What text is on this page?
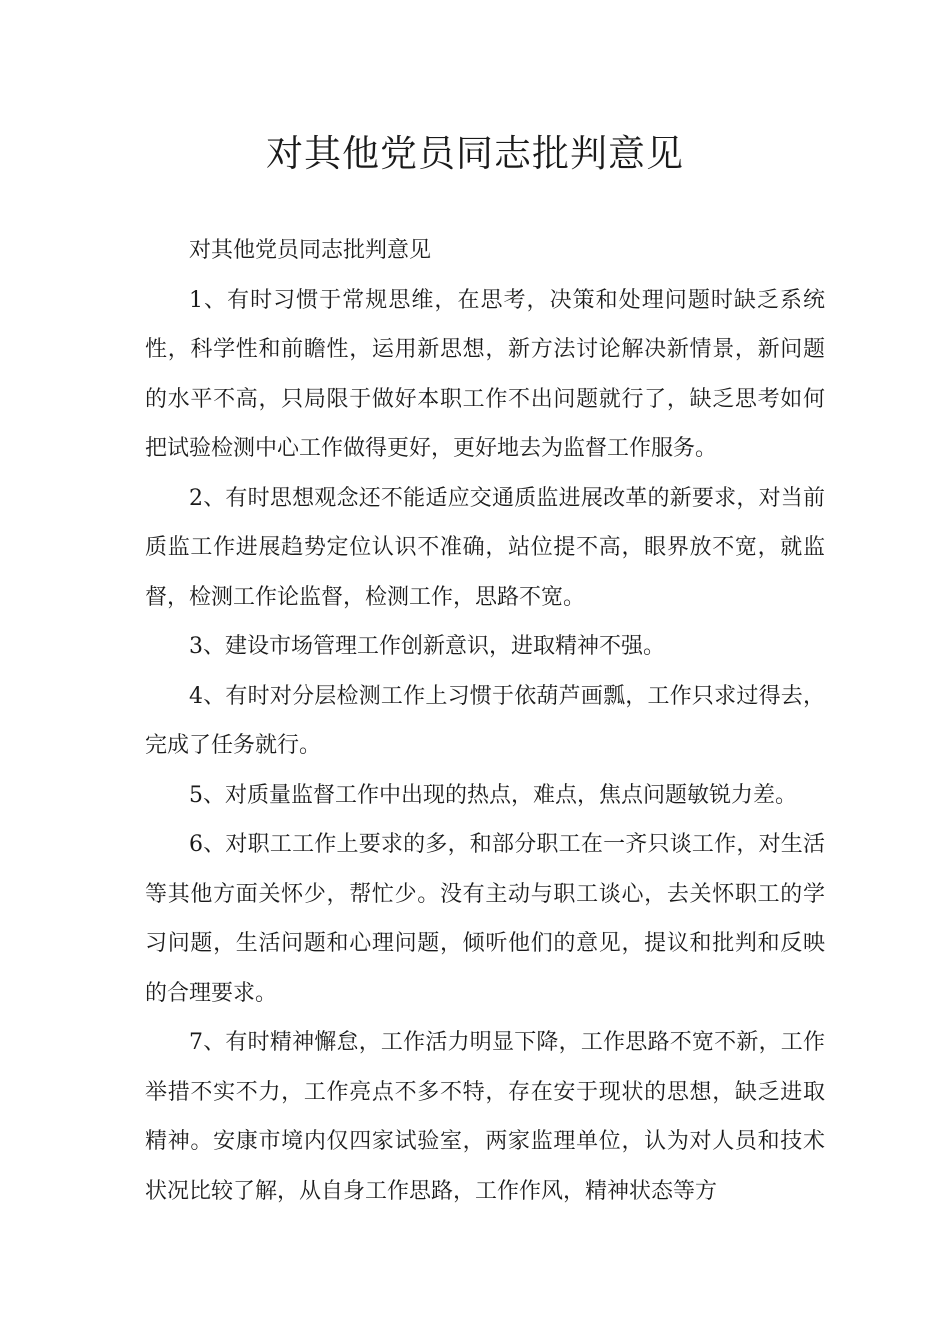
对其他党员同志批判意见

对其他党员同志批判意见

1、有时习惯于常规思维，在思考，决策和处理问题时缺乏系统性，科学性和前瞻性，运用新思想，新方法讨论解决新情景，新问题的水平不高，只局限于做好本职工作不出问题就行了，缺乏思考如何把试验检测中心工作做得更好，更好地去为监督工作服务。

2、有时思想观念还不能适应交通质监进展改革的新要求，对当前质监工作进展趋势定位认识不准确，站位提不高，眼界放不宽，就监督，检测工作论监督，检测工作，思路不宽。

3、建设市场管理工作创新意识，进取精神不强。

4、有时对分层检测工作上习惯于依葫芦画瓢，工作只求过得去，完成了任务就行。

5、对质量监督工作中出现的热点，难点，焦点问题敏锐力差。

6、对职工工作上要求的多，和部分职工在一齐只谈工作，对生活等其他方面关怀少，帮忙少。没有主动与职工谈心，去关怀职工的学习问题，生活问题和心理问题，倾听他们的意见，提议和批判和反映的合理要求。

7、有时精神懈怠，工作活力明显下降，工作思路不宽不新，工作举措不实不力，工作亮点不多不特，存在安于现状的思想，缺乏进取精神。安康市境内仅四家试验室，两家监理单位，认为对人员和技术状况比较了解，从自身工作思路，工作作风，精神状态等方
